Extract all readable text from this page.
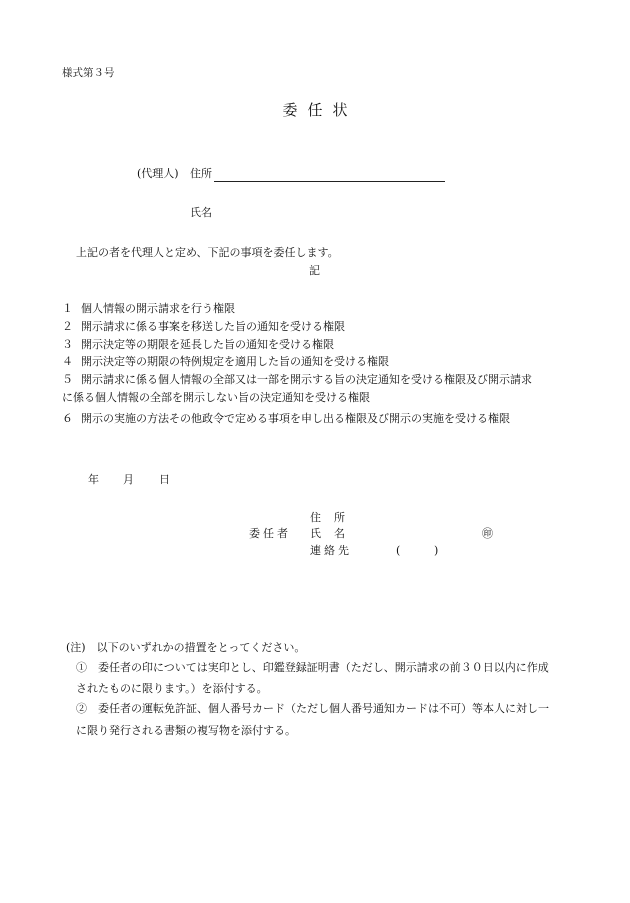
様式第３号
委任状
(代理人) 住所
氏名
上記の者を代理人と定め、下記の事項を委任します。
記
１ 個人情報の開示請求を行う権限
２ 開示請求に係る事案を移送した旨の通知を受ける権限
３ 開示決定等の期限を延長した旨の通知を受ける権限
４ 開示決定等の期限の特例規定を適用した旨の通知を受ける権限
５ 開示請求に係る個人情報の全部又は一部を開示する旨の決定通知を受ける権限及び開示請求
に係る個人情報の全部を開示しない旨の決定通知を受ける権限
６ 開示の実施の方法その他政令で定める事項を申し出る権限及び開示の実施を受ける権限
年 月 日
委任者
住所
氏名
連絡先
㊞
(	)
(注)　以下のいずれかの措置をとってください。
①　委任者の印については実印とし、印鑑登録証明書（ただし、開示請求の前３０日以内に作成
されたものに限ります。）を添付する。
②　委任者の運転免許証、個人番号カード（ただし個人番号通知カードは不可）等本人に対し一
に限り発行される書類の複写物を添付する。
